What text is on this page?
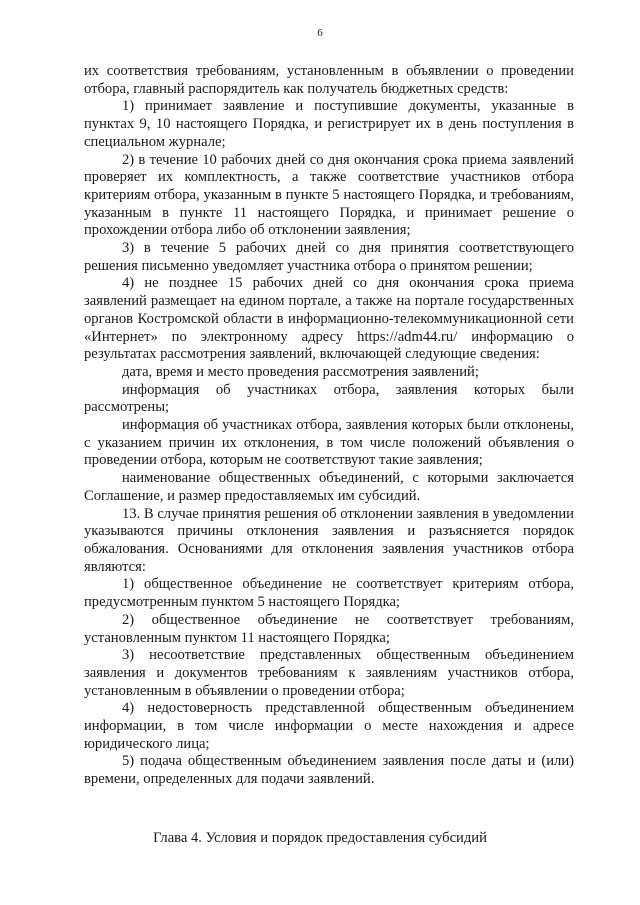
6

их соответствия требованиям, установленным в объявлении о проведении отбора, главный распорядитель как получатель бюджетных средств:

1) принимает заявление и поступившие документы, указанные в пунктах 9, 10 настоящего Порядка, и регистрирует их в день поступления в специальном журнале;

2) в течение 10 рабочих дней со дня окончания срока приема заявлений проверяет их комплектность, а также соответствие участников отбора критериям отбора, указанным в пункте 5 настоящего Порядка, и требованиям, указанным в пункте 11 настоящего Порядка, и принимает решение о прохождении отбора либо об отклонении заявления;

3) в течение 5 рабочих дней со дня принятия соответствующего решения письменно уведомляет участника отбора о принятом решении;

4) не позднее 15 рабочих дней со дня окончания срока приема заявлений размещает на едином портале, а также на портале государственных органов Костромской области в информационно-телекоммуникационной сети «Интернет» по электронному адресу https://adm44.ru/ информацию о результатах рассмотрения заявлений, включающей следующие сведения:

дата, время и место проведения рассмотрения заявлений;

информация об участниках отбора, заявления которых были рассмотрены;

информация об участниках отбора, заявления которых были отклонены, с указанием причин их отклонения, в том числе положений объявления о проведении отбора, которым не соответствуют такие заявления;

наименование общественных объединений, с которыми заключается Соглашение, и размер предоставляемых им субсидий.

13. В случае принятия решения об отклонении заявления в уведомлении указываются причины отклонения заявления и разъясняется порядок обжалования. Основаниями для отклонения заявления участников отбора являются:

1) общественное объединение не соответствует критериям отбора, предусмотренным пунктом 5 настоящего Порядка;

2) общественное объединение не соответствует требованиям, установленным пунктом 11 настоящего Порядка;

3) несоответствие представленных общественным объединением заявления и документов требованиям к заявлениям участников отбора, установленным в объявлении о проведении отбора;

4) недостоверность представленной общественным объединением информации, в том числе информации о месте нахождения и адресе юридического лица;

5) подача общественным объединением заявления после даты и (или) времени, определенных для подачи заявлений.

Глава 4. Условия и порядок предоставления субсидий
